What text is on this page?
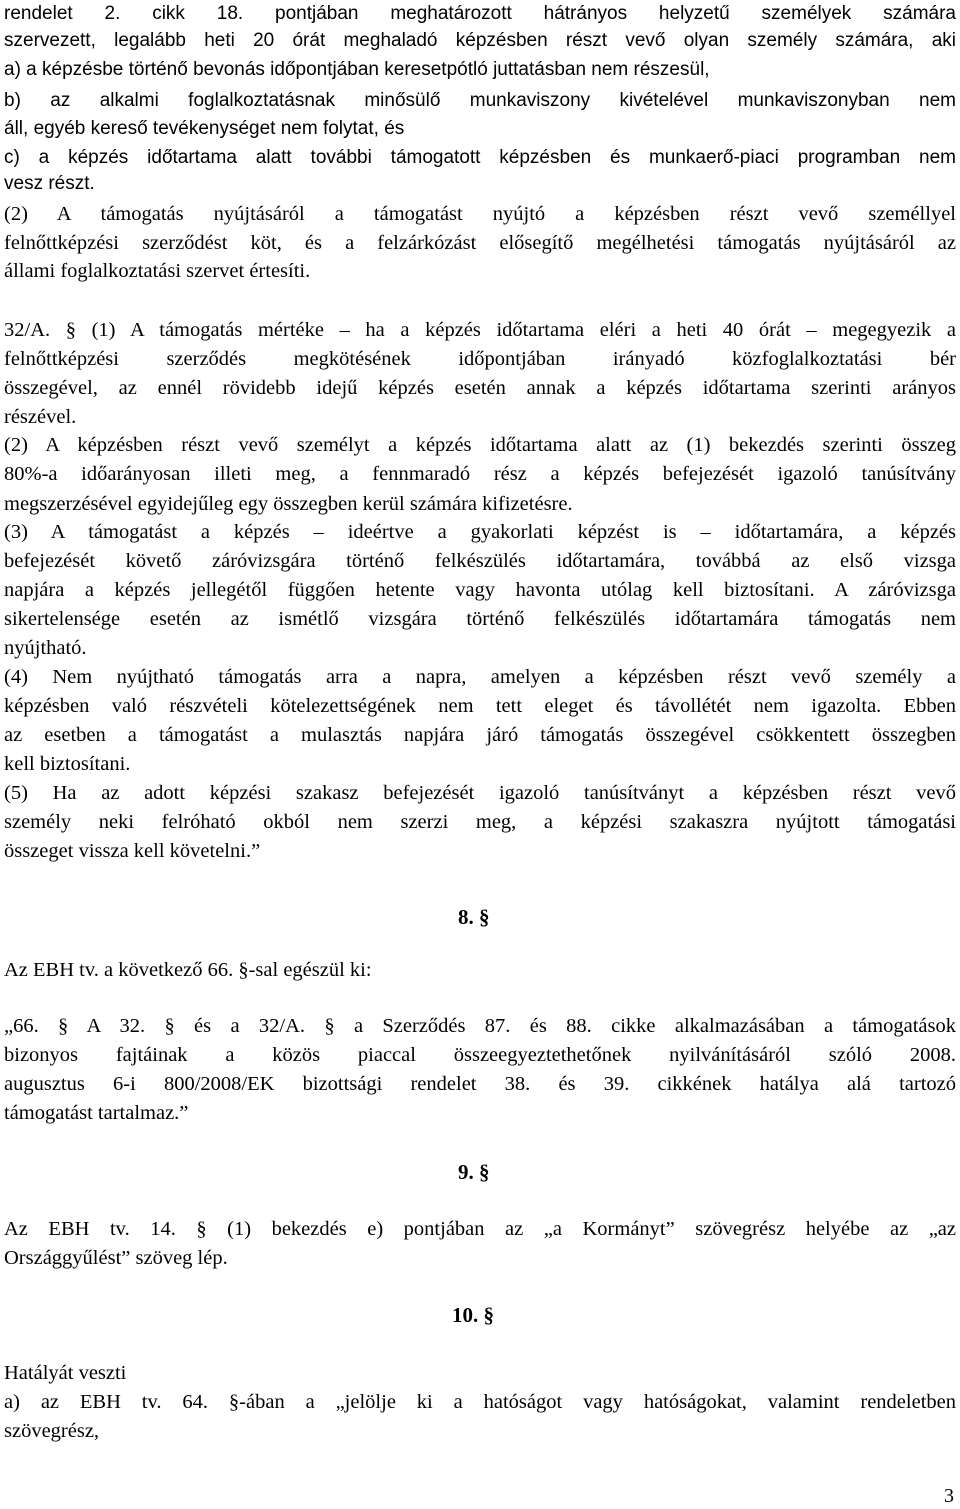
rendelet 2. cikk 18. pontjában meghatározott hátrányos helyzetű személyek számára
szervezett, legalább heti 20 órát meghaladó képzésben részt vevő olyan személy számára, aki
a) a képzésbe történő bevonás időpontjában keresetpótló juttatásban nem részesül,
b) az alkalmi foglalkoztatásnak minősülő munkaviszony kivételével munkaviszonyban nem
áll, egyéb kereső tevékenységet nem folytat, és
c) a képzés időtartama alatt további támogatott képzésben és munkaerő-piaci programban nem
vesz részt.
(2) A támogatás nyújtásáról a támogatást nyújtó a képzésben részt vevő személlyel
felnőttképzési szerződést köt, és a felzárkózást elősegítő megélhetési támogatás nyújtásáról az
állami foglalkoztatási szervet értesíti.
32/A. § (1) A támogatás mértéke – ha a képzés időtartama eléri a heti 40 órát – megegyezik a
felnőttképzési szerződés megkötésének időpontjában irányadó közfoglalkoztatási bér
összegével, az ennél rövidebb idejű képzés esetén annak a képzés időtartama szerinti arányos
részével.
(2) A képzésben részt vevő személyt a képzés időtartama alatt az (1) bekezdés szerinti összeg
80%-a időarányosan illeti meg, a fennmaradó rész a képzés befejezését igazoló tanúsítvány
megszerzésével egyidejűleg egy összegben kerül számára kifizetésre.
(3) A támogatást a képzés – ideértve a gyakorlati képzést is – időtartamára, a képzés
befejezését követő záróvizsgára történő felkészülés időtartamára, továbbá az első vizsga
napjára a képzés jellegétől függően hetente vagy havonta utólag kell biztosítani. A záróvizsga
sikertelensége esetén az ismétlő vizsgára történő felkészülés időtartamára támogatás nem
nyújtható.
(4) Nem nyújtható támogatás arra a napra, amelyen a képzésben részt vevő személy a
képzésben való részvételi kötelezettségének nem tett eleget és távollétét nem igazolta. Ebben
az esetben a támogatást a mulasztás napjára járó támogatás összegével csökkentett összegben
kell biztosítani.
(5) Ha az adott képzési szakasz befejezését igazoló tanúsítványt a képzésben részt vevő
személy neki felróható okból nem szerzi meg, a képzési szakaszra nyújtott támogatási
összeget vissza kell követelni.”
8. §
Az EBH tv. a következő 66. §-sal egészül ki:
„66. § A 32. § és a 32/A. § a Szerződés 87. és 88. cikke alkalmazásában a támogatások
bizonyos fajtáinak a közös piaccal összeegyeztethetőnek nyilvánításáról szóló 2008.
augusztus 6-i 800/2008/EK bizottsági rendelet 38. és 39. cikkének hatálya alá tartozó
támogatást tartalmaz.”
9. §
Az EBH tv. 14. § (1) bekezdés e) pontjában az „a Kormányt” szövegrész helyébe az „az
Országgyűlést” szöveg lép.
10. §
Hatályát veszti
a) az EBH tv. 64. §-ában a „jelölje ki a hatóságot vagy hatóságokat, valamint rendeletben
szövegrész,
3
